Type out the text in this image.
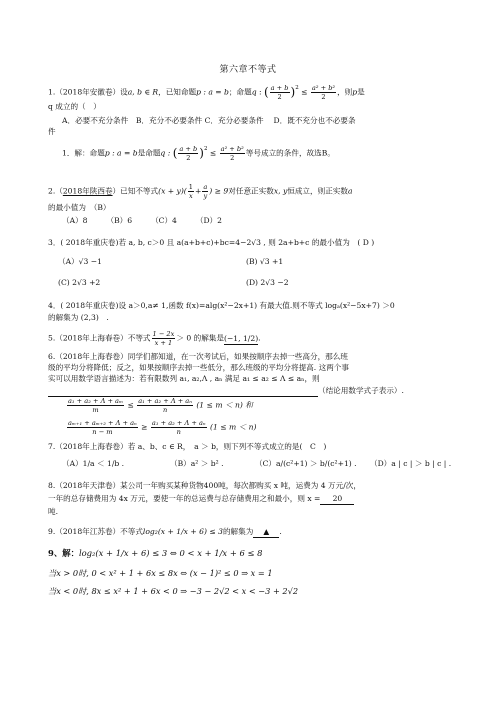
第六章不等式
1.（2018年安徽卷）设a, b ∈ R，已知命题p : a = b；命题q : ( $\frac{a + b}{2} )^2 \le \frac{\text{a² + b²}}{2}$ ，则p是
q 成立的（　）
A．必要不充分条件　B．充分不必要条件 C．充分必要条件　 D．既不充分也不必要条
件
1．解：命题p : a = b是命题q : ( $\frac{a + b}{2} )^2 \le \frac{\text{a² + b²}}{2}$ 等号成立的条件，故选B。
2.（2018年陕西卷）已知不等式$(x + y)( \frac{1}{x} + \frac{a}{y}$ ) ≥ 9对任意正实数x, y恒成立，则正实数a
的最小值为　（B）
（A）8　　　（B）6　　　（C）4　　　（D）2
3．( 2018年重庆卷)若 a, b, c＞0 且 a(a+b+c)+bc=4−2√3 , 则 2a+b+c 的最小值为　( D )
（A）√3 −1	(B) √3 +1
(C) 2√3 +2	(D) 2√3 −2
4．( 2018年重庆卷)设 a＞0,a≠ 1,函数 f(x)=alg(x²−2x+1) 有最大值.则不等式 logₐ(x²−5x+7) ＞0
的解集为 (2,3)　.
5.（2018年上海春卷）不等式 $\frac{1 - 2x}{x + 1} > 0$ 的解集是(−1, 1/2).
6.（2018年上海春卷）同学们都知道，在一次考试后，如果按顺序去掉一些高分，那么班
级的平均分将降低；反之，如果按顺序去掉一些低分，那么班级的平均分将提高. 这两个事
实可以用数学语言描述为：若有限数列 a₁, a₂,Λ , aₙ 满足 a₁ ≤ a₂ ≤ Λ ≤ aₙ，则
（结论用数学式子表示）.
$\frac{\text{a₁ + a₂ + Λ + aₘ}}{m} \le \frac{\text{a₁ + a₂ + Λ + aₙ}}{n} (1 \le m < n)$ 和
$\frac{\text{aₘ₊₁ + aₘ₊₂ + Λ + aₙ}}{n - m} \ge \frac{\text{a₁ + a₂ + Λ + aₙ}}{n} (1 \le m < n)$
7.（2018年上海春卷）若 a、b、c ∈ R，　a ＞ b，则下列不等式成立的是(　C　)
（A）1/a ＜ 1/b .	（B）a² ＞ b² .	（C）a/(c²+1) ＞ b/(c²+1) .	（D）a | c | ＞ b | c | .
8.（2018年天津卷）某公司一年购买某种货物400吨，每次都购买 x 吨，运费为 4 万元/次，
一年的总存储费用为 4x 万元，要使一年的总运费与总存储费用之和最小，则 x = 20
吨.
9.（2018年江苏卷）不等式log₂(x + 1/x + 6) ≤ 3的解集为 ▲ .
9、解：log₂(x + 1/x + 6) ≤ 3 ⇔ 0 < x + 1/x + 6 ≤ 8
当x > 0时, 0 < x² + 1 + 6x ≤ 8x ⇔ (x − 1)² ≤ 0 ⇒ x = 1
当x < 0时, 8x ≤ x² + 1 + 6x < 0 ⇒ −3 − 2√2 < x < −3 + 2√2
